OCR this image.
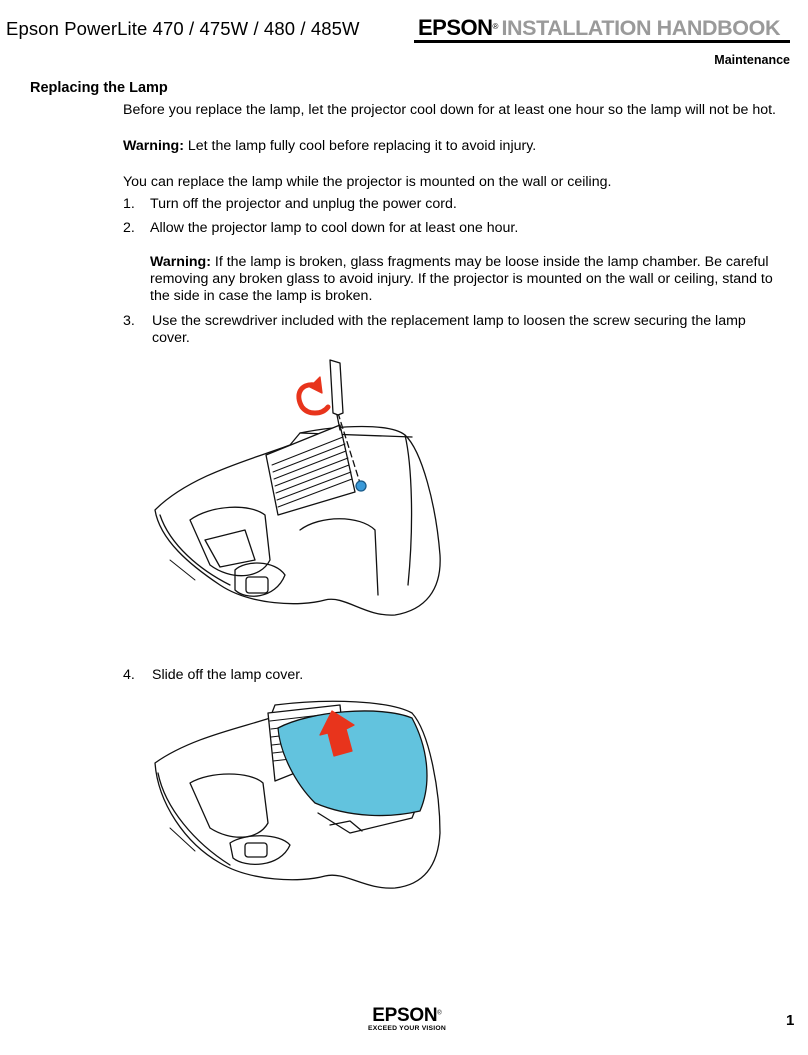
Epson PowerLite 470 / 475W / 480 / 485W	EPSON® INSTALLATION HANDBOOK
Maintenance
Replacing the Lamp
Before you replace the lamp, let the projector cool down for at least one hour so the lamp will not be hot.
Warning: Let the lamp fully cool before replacing it to avoid injury.
You can replace the lamp while the projector is mounted on the wall or ceiling.
1. Turn off the projector and unplug the power cord.
2. Allow the projector lamp to cool down for at least one hour.
Warning: If the lamp is broken, glass fragments may be loose inside the lamp chamber. Be careful removing any broken glass to avoid injury. If the projector is mounted on the wall or ceiling, stand to the side in case the lamp is broken.
3. Use the screwdriver included with the replacement lamp to loosen the screw securing the lamp cover.
4. Slide off the lamp cover.
EPSON®
EXCEED YOUR VISION	1
